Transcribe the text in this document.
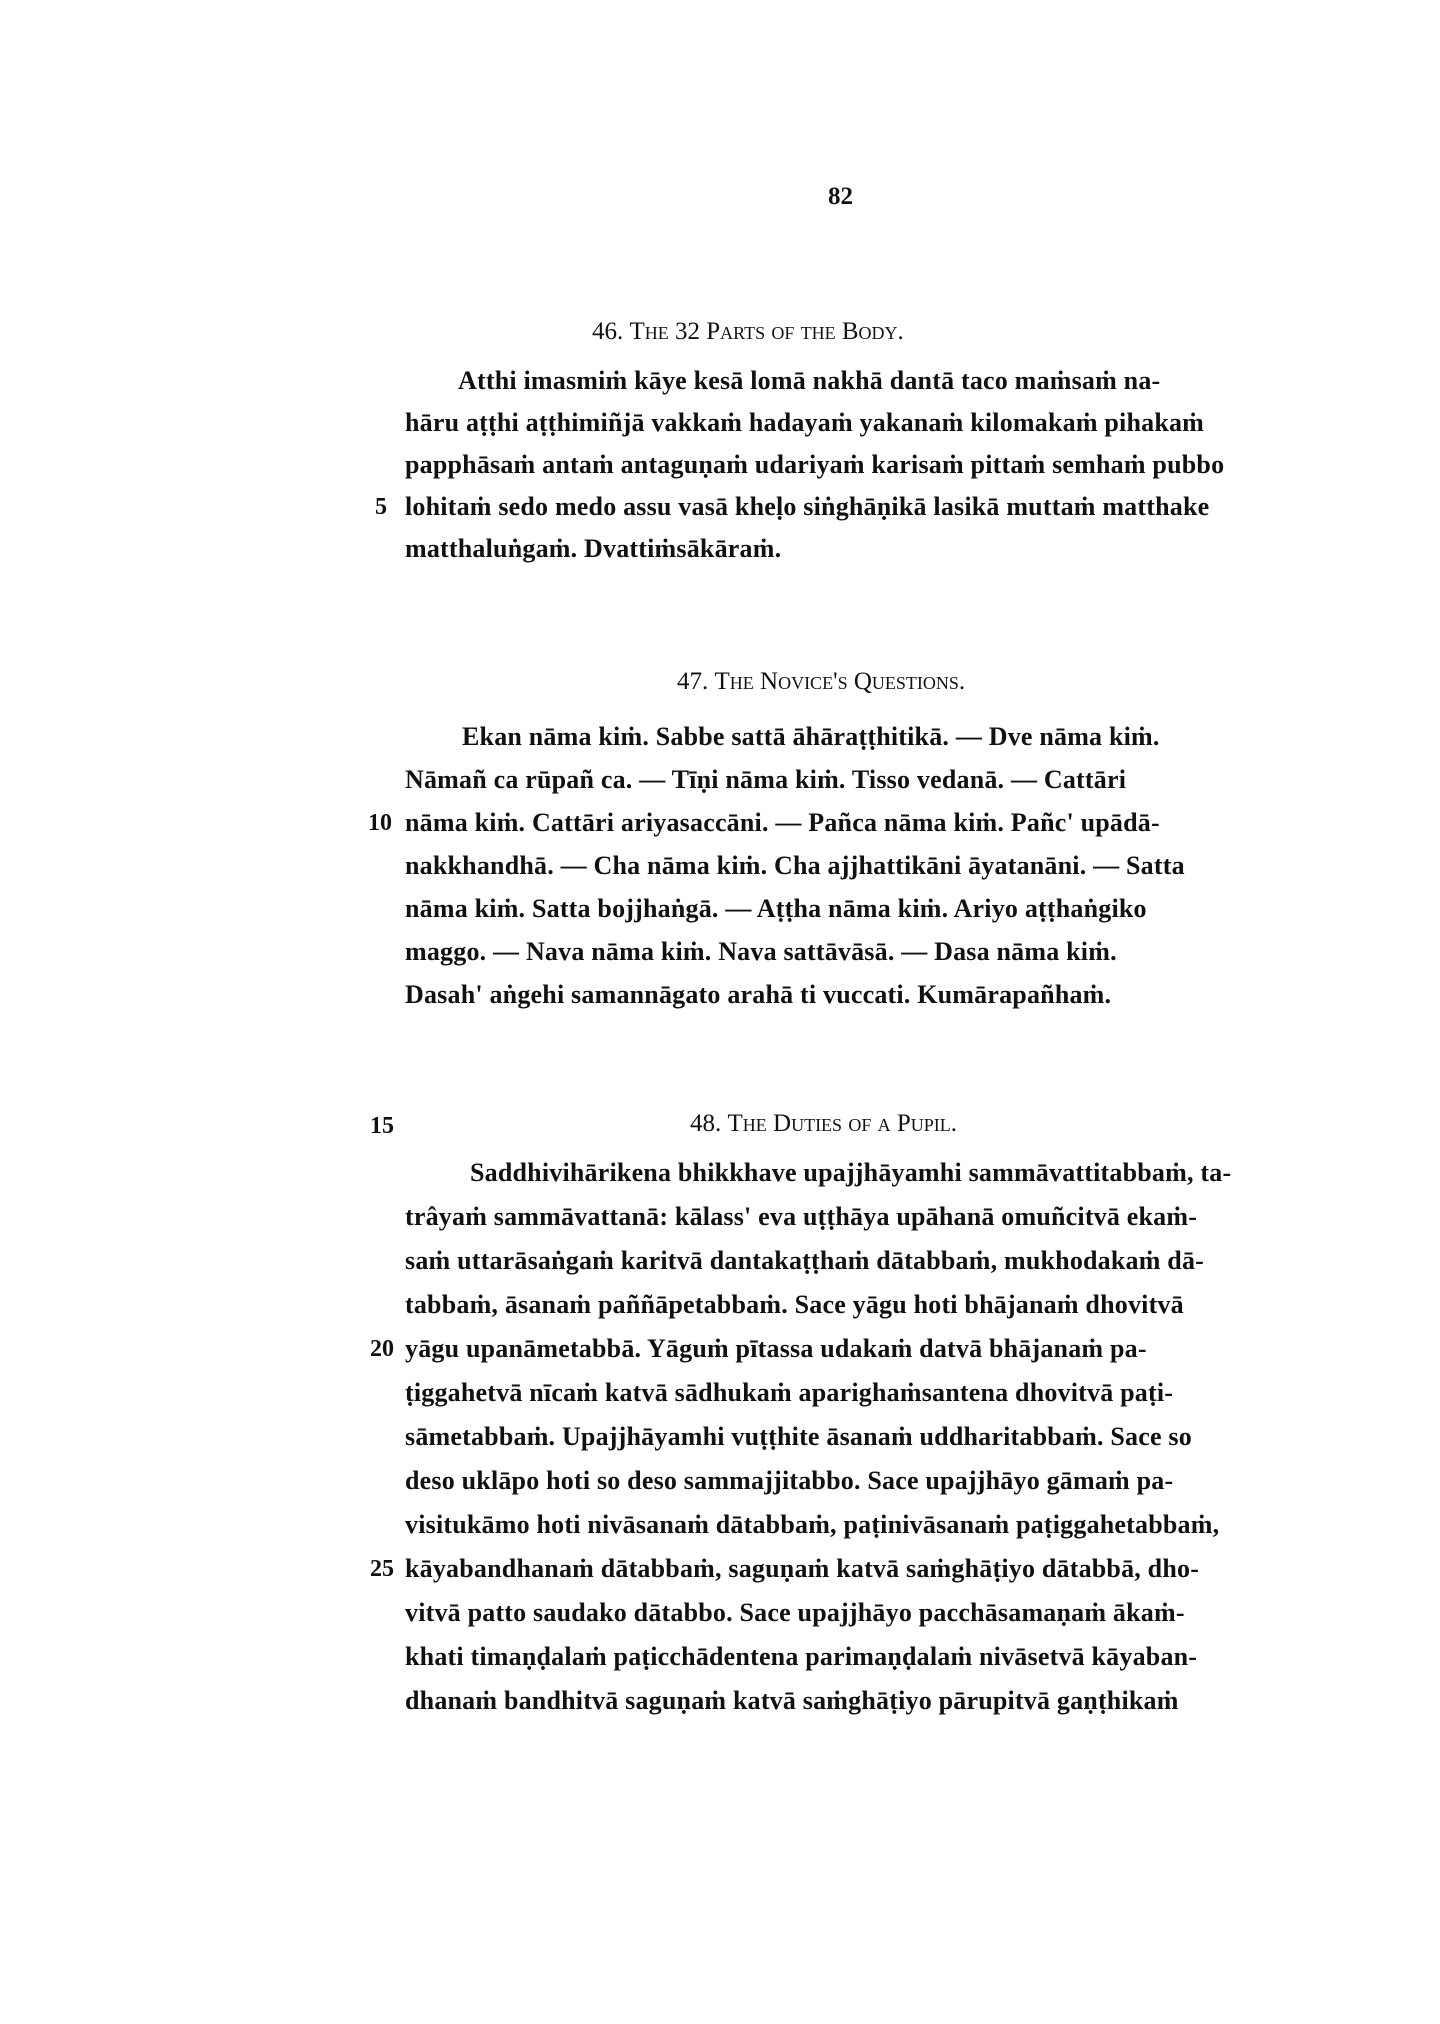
82
46. The 32 Parts of the Body.
Atthi imasmiṁ kāye kesā lomā nakhā dantā taco maṁsaṁ na-
hāru aṭṭhi aṭṭhimiñjā vakkaṁ hadayaṁ yakanaṁ kilomakaṁ pihakaṁ
papphāsaṁ antaṁ antaguṇaṁ udariyaṁ karisaṁ pittaṁ semhaṁ pubbo
5 lohitaṁ sedo medo assu vasā kheḷo siṅghāṇikā lasikā muttaṁ matthake
matthaluṅgaṁ. Dvattiṁsākāraṁ.
47. The Novice's Questions.
Ekan nāma kiṁ. Sabbe sattā āhāraṭṭhitikā. — Dve nāma kiṁ.
Nāmañ ca rūpañ ca. — Tīṇi nāma kiṁ. Tisso vedanā. — Cattāri
10 nāma kiṁ. Cattāri ariyasaccāni. — Pañca nāma kiṁ. Pañc' upādā-
nakkhandhā. — Cha nāma kiṁ. Cha ajjhattikāni āyatanāni. — Satta
nāma kiṁ. Satta bojjhaṅgā. — Aṭṭha nāma kiṁ. Ariyo aṭṭhaṅgiko
maggo. — Nava nāma kiṁ. Nava sattāvāsā. — Dasa nāma kiṁ.
Dasah' aṅgehi samannāgato arahā ti vuccati. Kumārapañhaṁ.
15	48. The Duties of a Pupil.
Saddhivihārikena bhikkhave upajjhāyamhi sammāvattitabbaṁ, ta-
trâyaṁ sammāvattanā: kālass' eva uṭṭhāya upāhanā omuñcitvā ekaṁ-
saṁ uttarāsaṅgaṁ karitvā dantakaṭṭhaṁ dātabbaṁ, mukhodakaṁ dā-
tabbaṁ, āsanaṁ paññāpetabbaṁ. Sace yāgu hoti bhājanaṁ dhovitvā
20 yāgu upanāmetabbā. Yāguṁ pītassa udakaṁ datvā bhājanaṁ pa-
ṭiggahetvā nīcaṁ katvā sādhukaṁ aparighaṁsantena dhovitvā paṭi-
sāmetabbaṁ. Upajjhāyamhi vuṭṭhite āsanaṁ uddharitabbaṁ. Sace so
deso uklāpo hoti so deso sammajjitabbo. Sace upajjhāyo gāmaṁ pa-
visitukāmo hoti nivāsanaṁ dātabbaṁ, paṭinivāsanaṁ paṭiggahetabbaṁ,
25 kāyabandhanaṁ dātabbaṁ, saguṇaṁ katvā saṁghāṭiyo dātabbā, dho-
vitvā patto saudako dātabbo. Sace upajjhāyo pacchāsamaṇaṁ ākaṁ-
khati timaṇḍalaṁ paṭicchādentena parimaṇḍalaṁ nivāsetvā kāyaban-
dhanaṁ bandhitvā saguṇaṁ katvā saṁghāṭiyo pārupitvā gaṇṭhikaṁ
